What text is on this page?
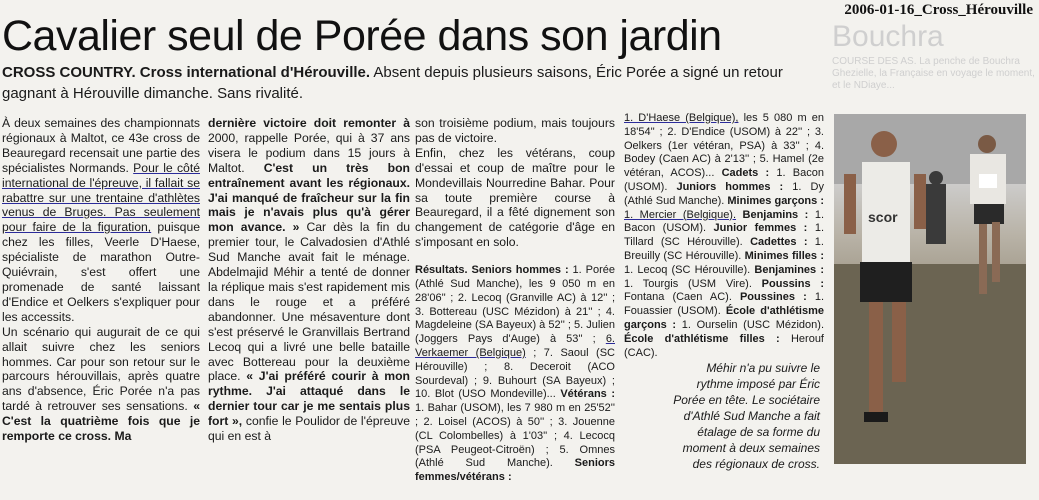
Bouchra
COURSE DES AS. La penche de Bouchra Ghezielle, la Française en voyage le moment, et le NDiaye...
2006-01-16_Cross_Hérouville
Cavalier seul de Porée dans son jardin
CROSS COUNTRY. Cross international d'Hérouville. Absent depuis plusieurs saisons, Éric Porée a signé un retour gagnant à Hérouville dimanche. Sans rivalité.

À deux semaines des championnats régionaux à Maltot, ce 43e cross de Beauregard recensait une partie des spécialistes Normands. Pour le côté international de l'épreuve, il fallait se rabattre sur une trentaine d'athlètes venus de Bruges. Pas seulement pour faire de la figuration, puisque chez les filles, Veerle D'Haese, spécialiste de marathon Outre-Quiévrain, s'est offert une promenade de santé laissant d'Endice et Oelkers s'expliquer pour les accessits.

Un scénario qui augurait de ce qui allait suivre chez les seniors hommes. Car pour son retour sur le parcours hérouvillais, après quatre ans d'absence, Éric Porée n'a pas tardé à retrouver ses sensations. « C'est la quatrième fois que je remporte ce cross. Ma

dernière victoire doit remonter à 2000, rappelle Porée, qui à 37 ans visera le podium dans 15 jours à Maltot. C'est un très bon entraînement avant les régionaux. J'ai manqué de fraîcheur sur la fin mais je n'avais plus qu'à gérer mon avance. » Car dès la fin du premier tour, le Calvadosien d'Athlé Sud Manche avait fait le ménage. Abdelmajid Méhir a tenté de donner la réplique mais s'est rapidement mis dans le rouge et a préféré abandonner. Une mésaventure dont s'est préservé le Granvillais Bertrand Lecoq qui a livré une belle bataille avec Bottereau pour la deuxième place. « J'ai préféré courir à mon rythme. J'ai attaqué dans le dernier tour car je me sentais plus fort », confie le Poulidor de l'épreuve qui en est à

son troisième podium, mais toujours pas de victoire.

Enfin, chez les vétérans, coup d'essai et coup de maître pour le Mondevillais Nourredine Bahar. Pour sa toute première course à Beauregard, il a fêté dignement son changement de catégorie d'âge en s'imposant en solo.

Résultats. Seniors hommes : 1. Porée (Athlé Sud Manche), les 9 050 m en 28'06'' ; 2. Lecoq (Granville AC) à 12'' ; 3. Bottereau (USC Mézidon) à 21'' ; 4. Magdeleine (SA Bayeux) à 52'' ; 5. Julien (Joggers Pays d'Auge) à 53'' ; 6. Verkaemer (Belgique) ; 7. Saoul (SC Hérouville) ; 8. Deceroit (ACO Sourdeval) ; 9. Buhourt (SA Bayeux) ; 10. Blot (USO Mondeville)... Vétérans : 1. Bahar (USOM), les 7 980 m en 25'52'' ; 2. Loisel (ACOS) à 50'' ; 3. Jouenne (CL Colombelles) à 1'03'' ; 4. Lecocq (PSA Peugeot-Citroën) ; 5. Omnes (Athlé Sud Manche). Seniors femmes/vétérans :

1. D'Haese (Belgique), les 5 080 m en 18'54'' ; 2. D'Endice (USOM) à 22'' ; 3. Oelkers (1er vétéran, PSA) à 33'' ; 4. Bodey (Caen AC) à 2'13'' ; 5. Hamel (2e vétéran, ACOS)... Cadets : 1. Bacon (USOM). Juniors hommes : 1. Dy (Athlé Sud Manche). Minimes garçons : 1. Mercier (Belgique). Benjamins : 1. Bacon (USOM). Junior femmes : 1. Tillard (SC Hérouville). Cadettes : 1. Breuilly (SC Hérouville). Minimes filles : 1. Lecoq (SC Hérouville). Benjamines : 1. Tourgis (USM Vire). Poussins : Fontana (Caen AC). Poussines : 1. Fouassier (USOM). École d'athlétisme garçons : 1. Ourselin (USC Mézidon). École d'athlétisme filles : Herouf (CAC).

Méhir n'a pu suivre le rythme imposé par Éric Porée en tête. Le sociétaire d'Athlé Sud Manche a fait étalage de sa forme du moment à deux semaines des régionaux de cross.
scor
